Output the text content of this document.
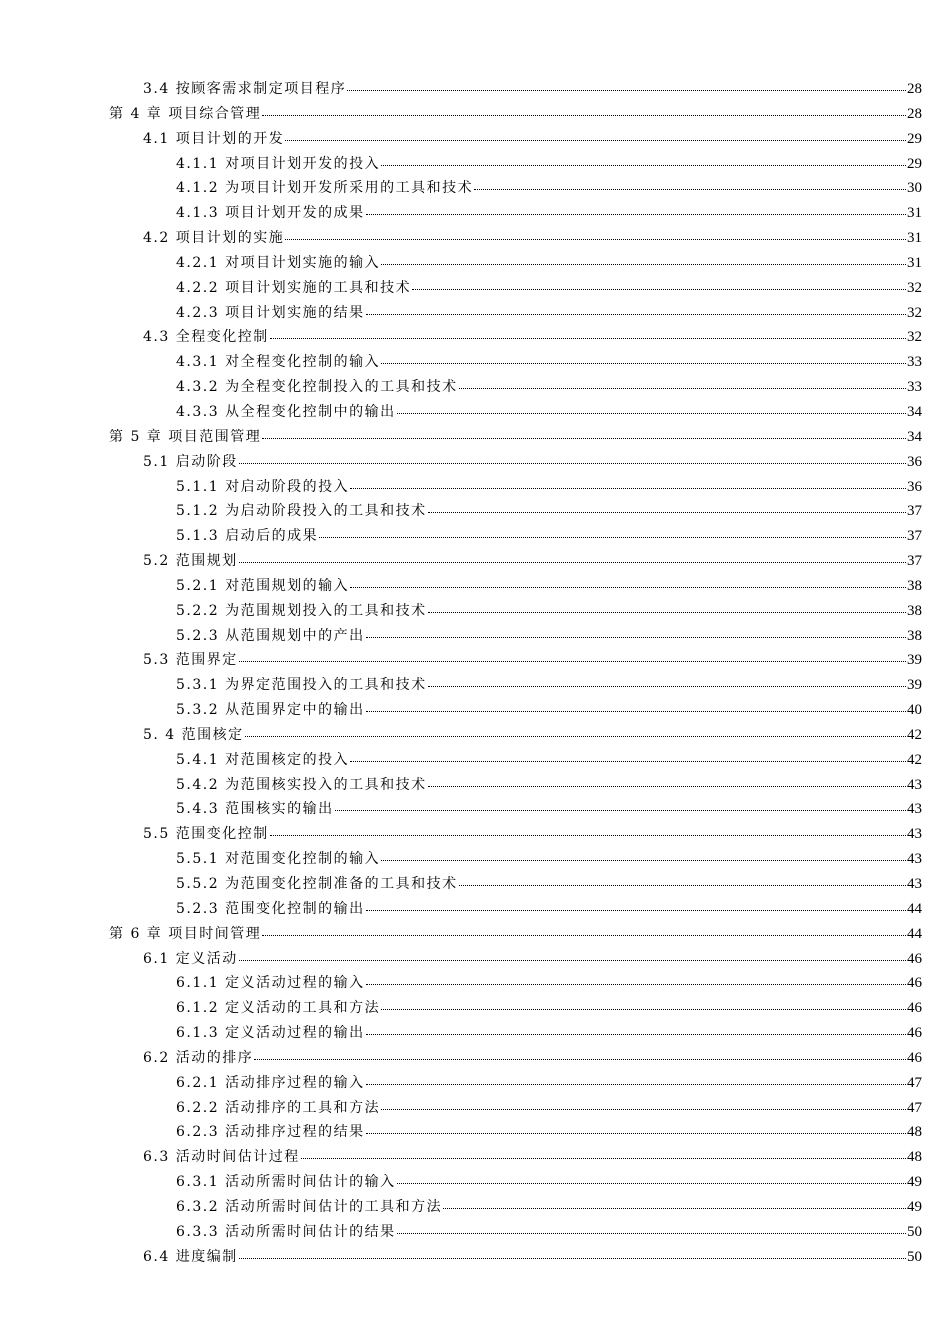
3.4 按顾客需求制定项目程序	28
第 4 章 项目综合管理	28
4.1 项目计划的开发	29
4.1.1 对项目计划开发的投入	29
4.1.2 为项目计划开发所采用的工具和技术	30
4.1.3 项目计划开发的成果	31
4.2 项目计划的实施	31
4.2.1 对项目计划实施的输入	31
4.2.2 项目计划实施的工具和技术	32
4.2.3 项目计划实施的结果	32
4.3 全程变化控制	32
4.3.1 对全程变化控制的输入	33
4.3.2 为全程变化控制投入的工具和技术	33
4.3.3 从全程变化控制中的输出	34
第 5 章 项目范围管理	34
5.1 启动阶段	36
5.1.1 对启动阶段的投入	36
5.1.2 为启动阶段投入的工具和技术	37
5.1.3 启动后的成果	37
5.2 范围规划	37
5.2.1 对范围规划的输入	38
5.2.2 为范围规划投入的工具和技术	38
5.2.3 从范围规划中的产出	38
5.3 范围界定	39
5.3.1 为界定范围投入的工具和技术	39
5.3.2 从范围界定中的输出	40
5. 4 范围核定	42
5.4.1 对范围核定的投入	42
5.4.2 为范围核实投入的工具和技术	43
5.4.3 范围核实的输出	43
5.5 范围变化控制	43
5.5.1 对范围变化控制的输入	43
5.5.2 为范围变化控制准备的工具和技术	43
5.2.3 范围变化控制的输出	44
第 6 章 项目时间管理	44
6.1 定义活动	46
6.1.1 定义活动过程的输入	46
6.1.2 定义活动的工具和方法	46
6.1.3 定义活动过程的输出	46
6.2 活动的排序	46
6.2.1 活动排序过程的输入	47
6.2.2 活动排序的工具和方法	47
6.2.3 活动排序过程的结果	48
6.3 活动时间估计过程	48
6.3.1 活动所需时间估计的输入	49
6.3.2 活动所需时间估计的工具和方法	49
6.3.3 活动所需时间估计的结果	50
6.4 进度编制	50
